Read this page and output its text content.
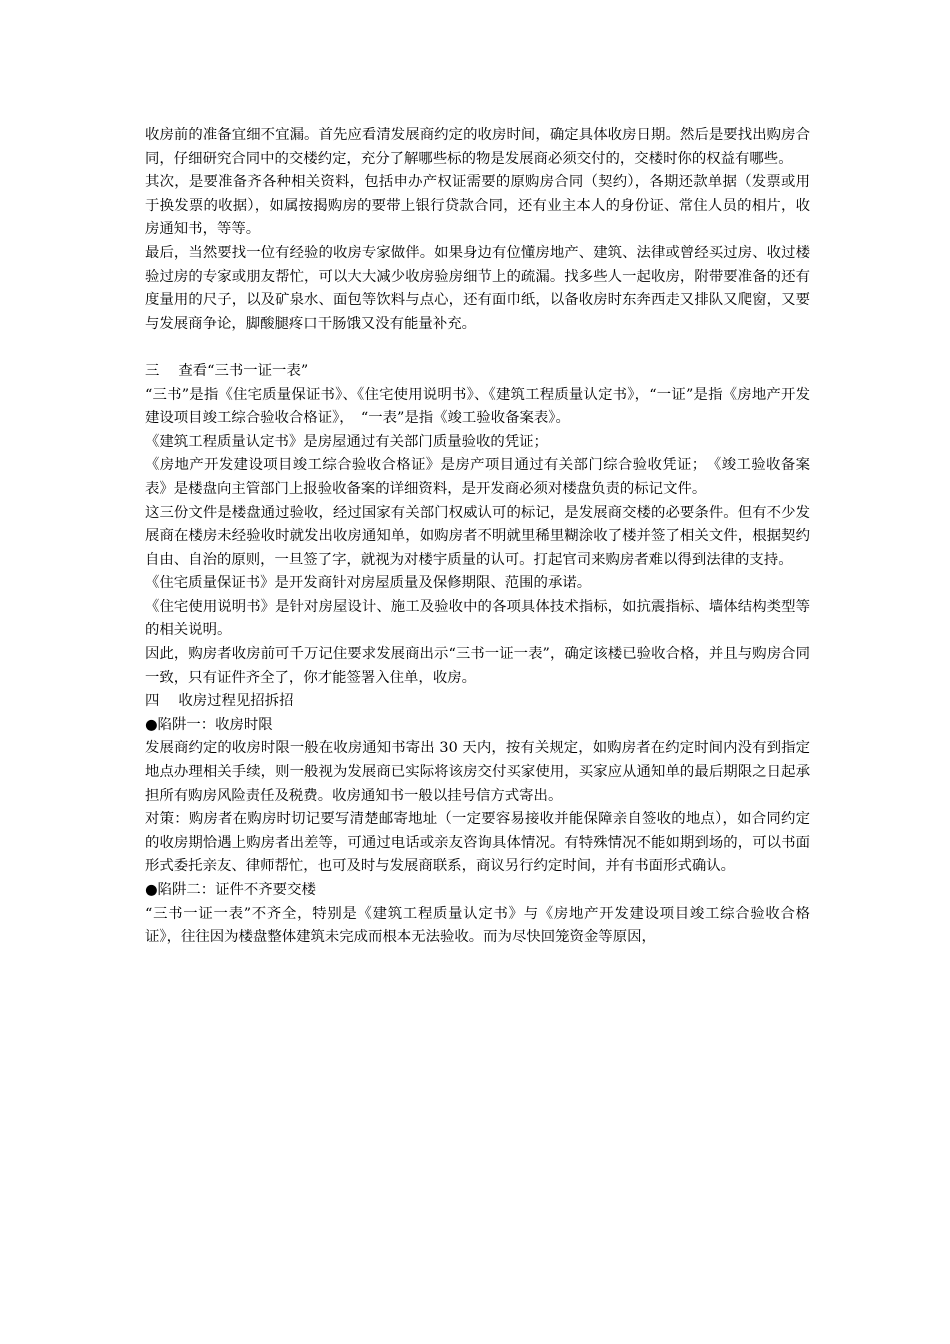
收房前的准备宜细不宜漏。首先应看清发展商约定的收房时间，确定具体收房日期。然后是要找出购房合同，仔细研究合同中的交楼约定，充分了解哪些标的物是发展商必须交付的，交楼时你的权益有哪些。

其次，是要准备齐各种相关资料，包括申办产权证需要的原购房合同（契约），各期还款单据（发票或用于换发票的收据），如属按揭购房的要带上银行贷款合同，还有业主本人的身份证、常住人员的相片，收房通知书，等等。

最后，当然要找一位有经验的收房专家做伴。如果身边有位懂房地产、建筑、法律或曾经买过房、收过楼验过房的专家或朋友帮忙，可以大大减少收房验房细节上的疏漏。找多些人一起收房，附带要准备的还有度量用的尺子，以及矿泉水、面包等饮料与点心，还有面巾纸，以备收房时东奔西走又排队又爬窗，又要与发展商争论，脚酸腿疼口干肠饿又没有能量补充。

三　 查看“三书一证一表”

“三书”是指《住宅质量保证书》、《住宅使用说明书》、《建筑工程质量认定书》，“一证”是指《房地产开发建设项目竣工综合验收合格证》，　“一表”是指《竣工验收备案表》。

《建筑工程质量认定书》是房屋通过有关部门质量验收的凭证；

《房地产开发建设项目竣工综合验收合格证》是房产项目通过有关部门综合验收凭证；　《竣工验收备案表》是楼盘向主管部门上报验收备案的详细资料，是开发商必须对楼盘负责的标记文件。

这三份文件是楼盘通过验收，经过国家有关部门权威认可的标记，是发展商交楼的必要条件。但有不少发展商在楼房未经验收时就发出收房通知单，如购房者不明就里稀里糊涂收了楼并签了相关文件，根据契约自由、自治的原则，一旦签了字，就视为对楼宇质量的认可。打起官司来购房者难以得到法律的支持。

《住宅质量保证书》是开发商针对房屋质量及保修期限、范围的承诺。

《住宅使用说明书》是针对房屋设计、施工及验收中的各项具体技术指标，如抗震指标、墙体结构类型等的相关说明。

因此，购房者收房前可千万记住要求发展商出示“三书一证一表”，确定该楼已验收合格，并且与购房合同一致，只有证件齐全了，你才能签署入住单，收房。

四　 收房过程见招拆招

●陷阱一：收房时限

发展商约定的收房时限一般在收房通知书寄出 30 天内，按有关规定，如购房者在约定时间内没有到指定地点办理相关手续，则一般视为发展商已实际将该房交付买家使用，买家应从通知单的最后期限之日起承担所有购房风险责任及税费。收房通知书一般以挂号信方式寄出。

对策：购房者在购房时切记要写清楚邮寄地址（一定要容易接收并能保障亲自签收的地点），如合同约定的收房期恰遇上购房者出差等，可通过电话或亲友咨询具体情况。有特殊情况不能如期到场的，可以书面形式委托亲友、律师帮忙，也可及时与发展商联系，商议另行约定时间，并有书面形式确认。

●陷阱二：证件不齐要交楼

“三书一证一表”不齐全，特别是《建筑工程质量认定书》与《房地产开发建设项目竣工综合验收合格证》，往往因为楼盘整体建筑未完成而根本无法验收。而为尽快回笼资金等原因，
